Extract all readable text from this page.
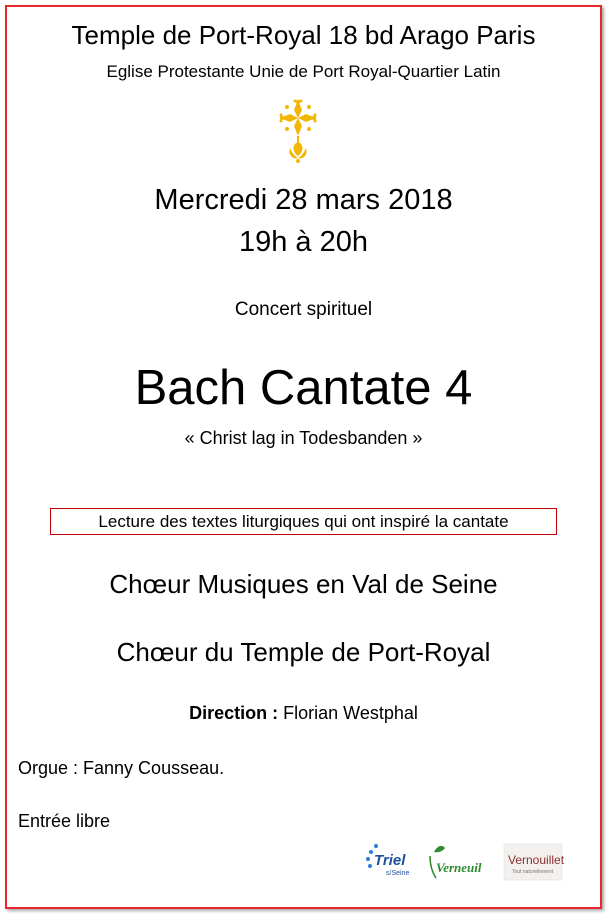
Temple de Port-Royal 18 bd Arago Paris
Eglise Protestante Unie de Port Royal-Quartier Latin
Mercredi 28 mars 2018
19h à 20h
Concert spirituel
Bach Cantate 4
« Christ lag in Todesbanden »
Lecture des textes liturgiques qui ont inspiré la cantate
Chœur Musiques en Val de Seine
Chœur du Temple de Port-Royal
Direction : Florian Westphal
Orgue : Fanny Cousseau.
Entrée libre
Triel
s/Seine Verneuil Vernouillet
Tout naturellement
